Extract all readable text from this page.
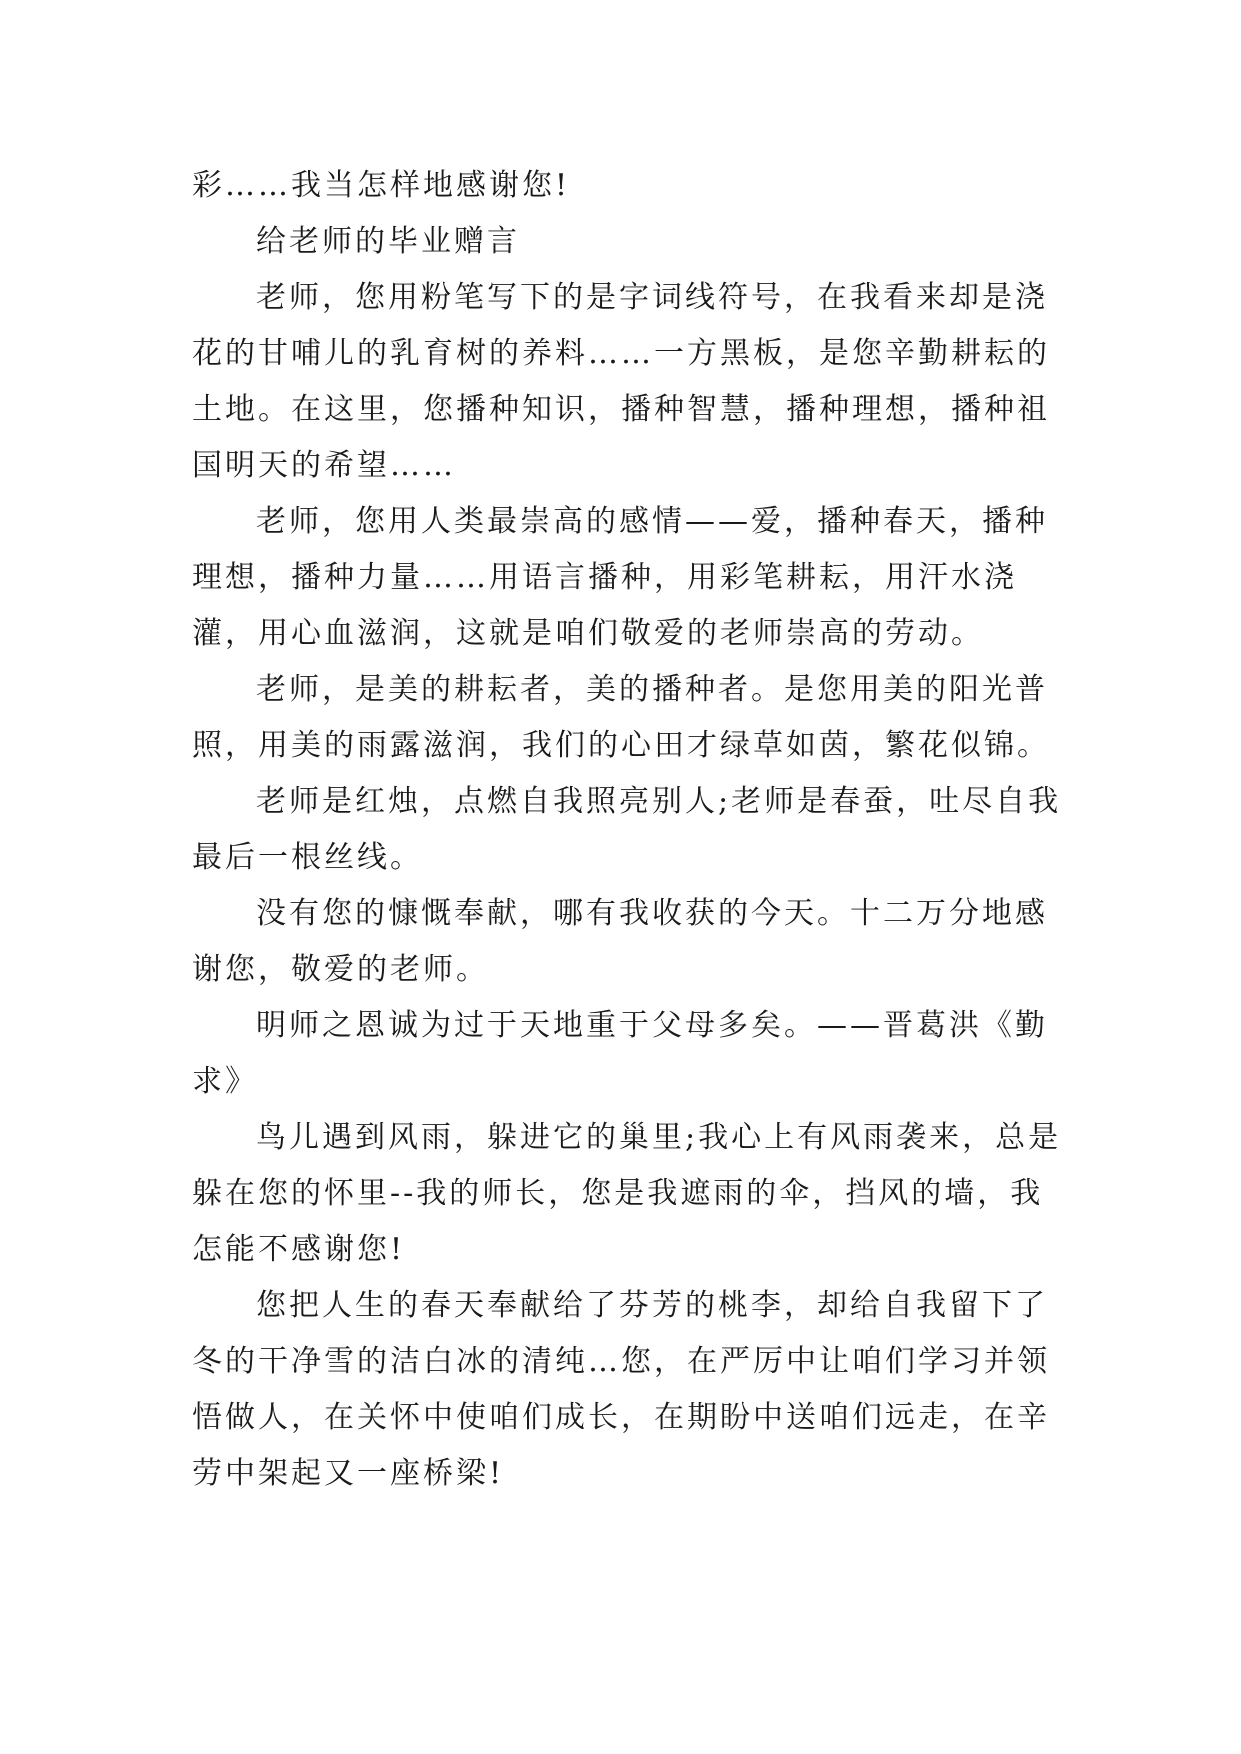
彩……我当怎样地感谢您!

给老师的毕业赠言

老师，您用粉笔写下的是字词线符号，在我看来却是浇花的甘哺儿的乳育树的养料……一方黑板，是您辛勤耕耘的土地。在这里，您播种知识，播种智慧，播种理想，播种祖国明天的希望……

老师，您用人类最崇高的感情——爱，播种春天，播种理想，播种力量……用语言播种，用彩笔耕耘，用汗水浇灌，用心血滋润，这就是咱们敬爱的老师崇高的劳动。

老师，是美的耕耘者，美的播种者。是您用美的阳光普照，用美的雨露滋润，我们的心田才绿草如茵，繁花似锦。

老师是红烛，点燃自我照亮别人;老师是春蚕，吐尽自我最后一根丝线。

没有您的慷慨奉献，哪有我收获的今天。十二万分地感谢您，敬爱的老师。

明师之恩诚为过于天地重于父母多矣。——晋葛洪《勤求》

鸟儿遇到风雨，躲进它的巢里;我心上有风雨袭来，总是躲在您的怀里--我的师长，您是我遮雨的伞，挡风的墙，我怎能不感谢您!

您把人生的春天奉献给了芬芳的桃李，却给自我留下了冬的干净雪的洁白冰的清纯…您，在严厉中让咱们学习并领悟做人，在关怀中使咱们成长，在期盼中送咱们远走，在辛劳中架起又一座桥梁!
